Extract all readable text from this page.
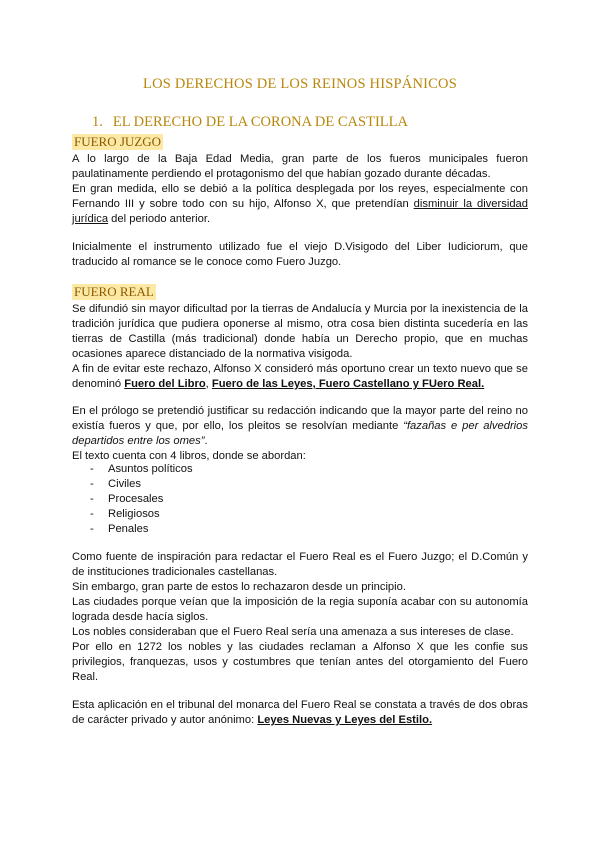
LOS DERECHOS DE LOS REINOS HISPÁNICOS
1. EL DERECHO DE LA CORONA DE CASTILLA
FUERO JUZGO

A lo largo de la Baja Edad Media, gran parte de los fueros municipales fueron paulatinamente perdiendo el protagonismo del que habían gozado durante décadas.

En gran medida, ello se debió a la política desplegada por los reyes, especialmente con Fernando III y sobre todo con su hijo, Alfonso X, que pretendían disminuir la diversidad jurídica del periodo anterior.

Inicialmente el instrumento utilizado fue el viejo D.Visigodo del Liber Iudiciorum, que traducido al romance se le conoce como Fuero Juzgo.

FUERO REAL

Se difundió sin mayor dificultad por la tierras de Andalucía y Murcia por la inexistencia de la tradición jurídica que pudiera oponerse al mismo, otra cosa bien distinta sucedería en las tierras de Castilla (más tradicional) donde había un Derecho propio, que en muchas ocasiones aparece distanciado de la normativa visigoda.

A fin de evitar este rechazo, Alfonso X consideró más oportuno crear un texto nuevo que se denominó Fuero del Libro, Fuero de las Leyes, Fuero Castellano y FUero Real.

En el prólogo se pretendió justificar su redacción indicando que la mayor parte del reino no existía fueros y que, por ello, los pleitos se resolvían mediante “fazañas e per alvedrios departidos entre los omes”.

El texto cuenta con 4 libros, donde se abordan:

- Asuntos políticos
- Civiles
- Procesales
- Religiosos
- Penales

Como fuente de inspiración para redactar el Fuero Real es el Fuero Juzgo; el D.Común y de instituciones tradicionales castellanas.

Sin embargo, gran parte de estos lo rechazaron desde un principio.

Las ciudades porque veían que la imposición de la regia suponía acabar con su autonomía lograda desde hacía siglos.

Los nobles consideraban que el Fuero Real sería una amenaza a sus intereses de clase.

Por ello en 1272 los nobles y las ciudades reclaman a Alfonso X que les confie sus privilegios, franquezas, usos y costumbres que tenían antes del otorgamiento del Fuero Real.

Esta aplicación en el tribunal del monarca del Fuero Real se constata a través de dos obras de carácter privado y autor anónimo: Leyes Nuevas y Leyes del Estilo.
